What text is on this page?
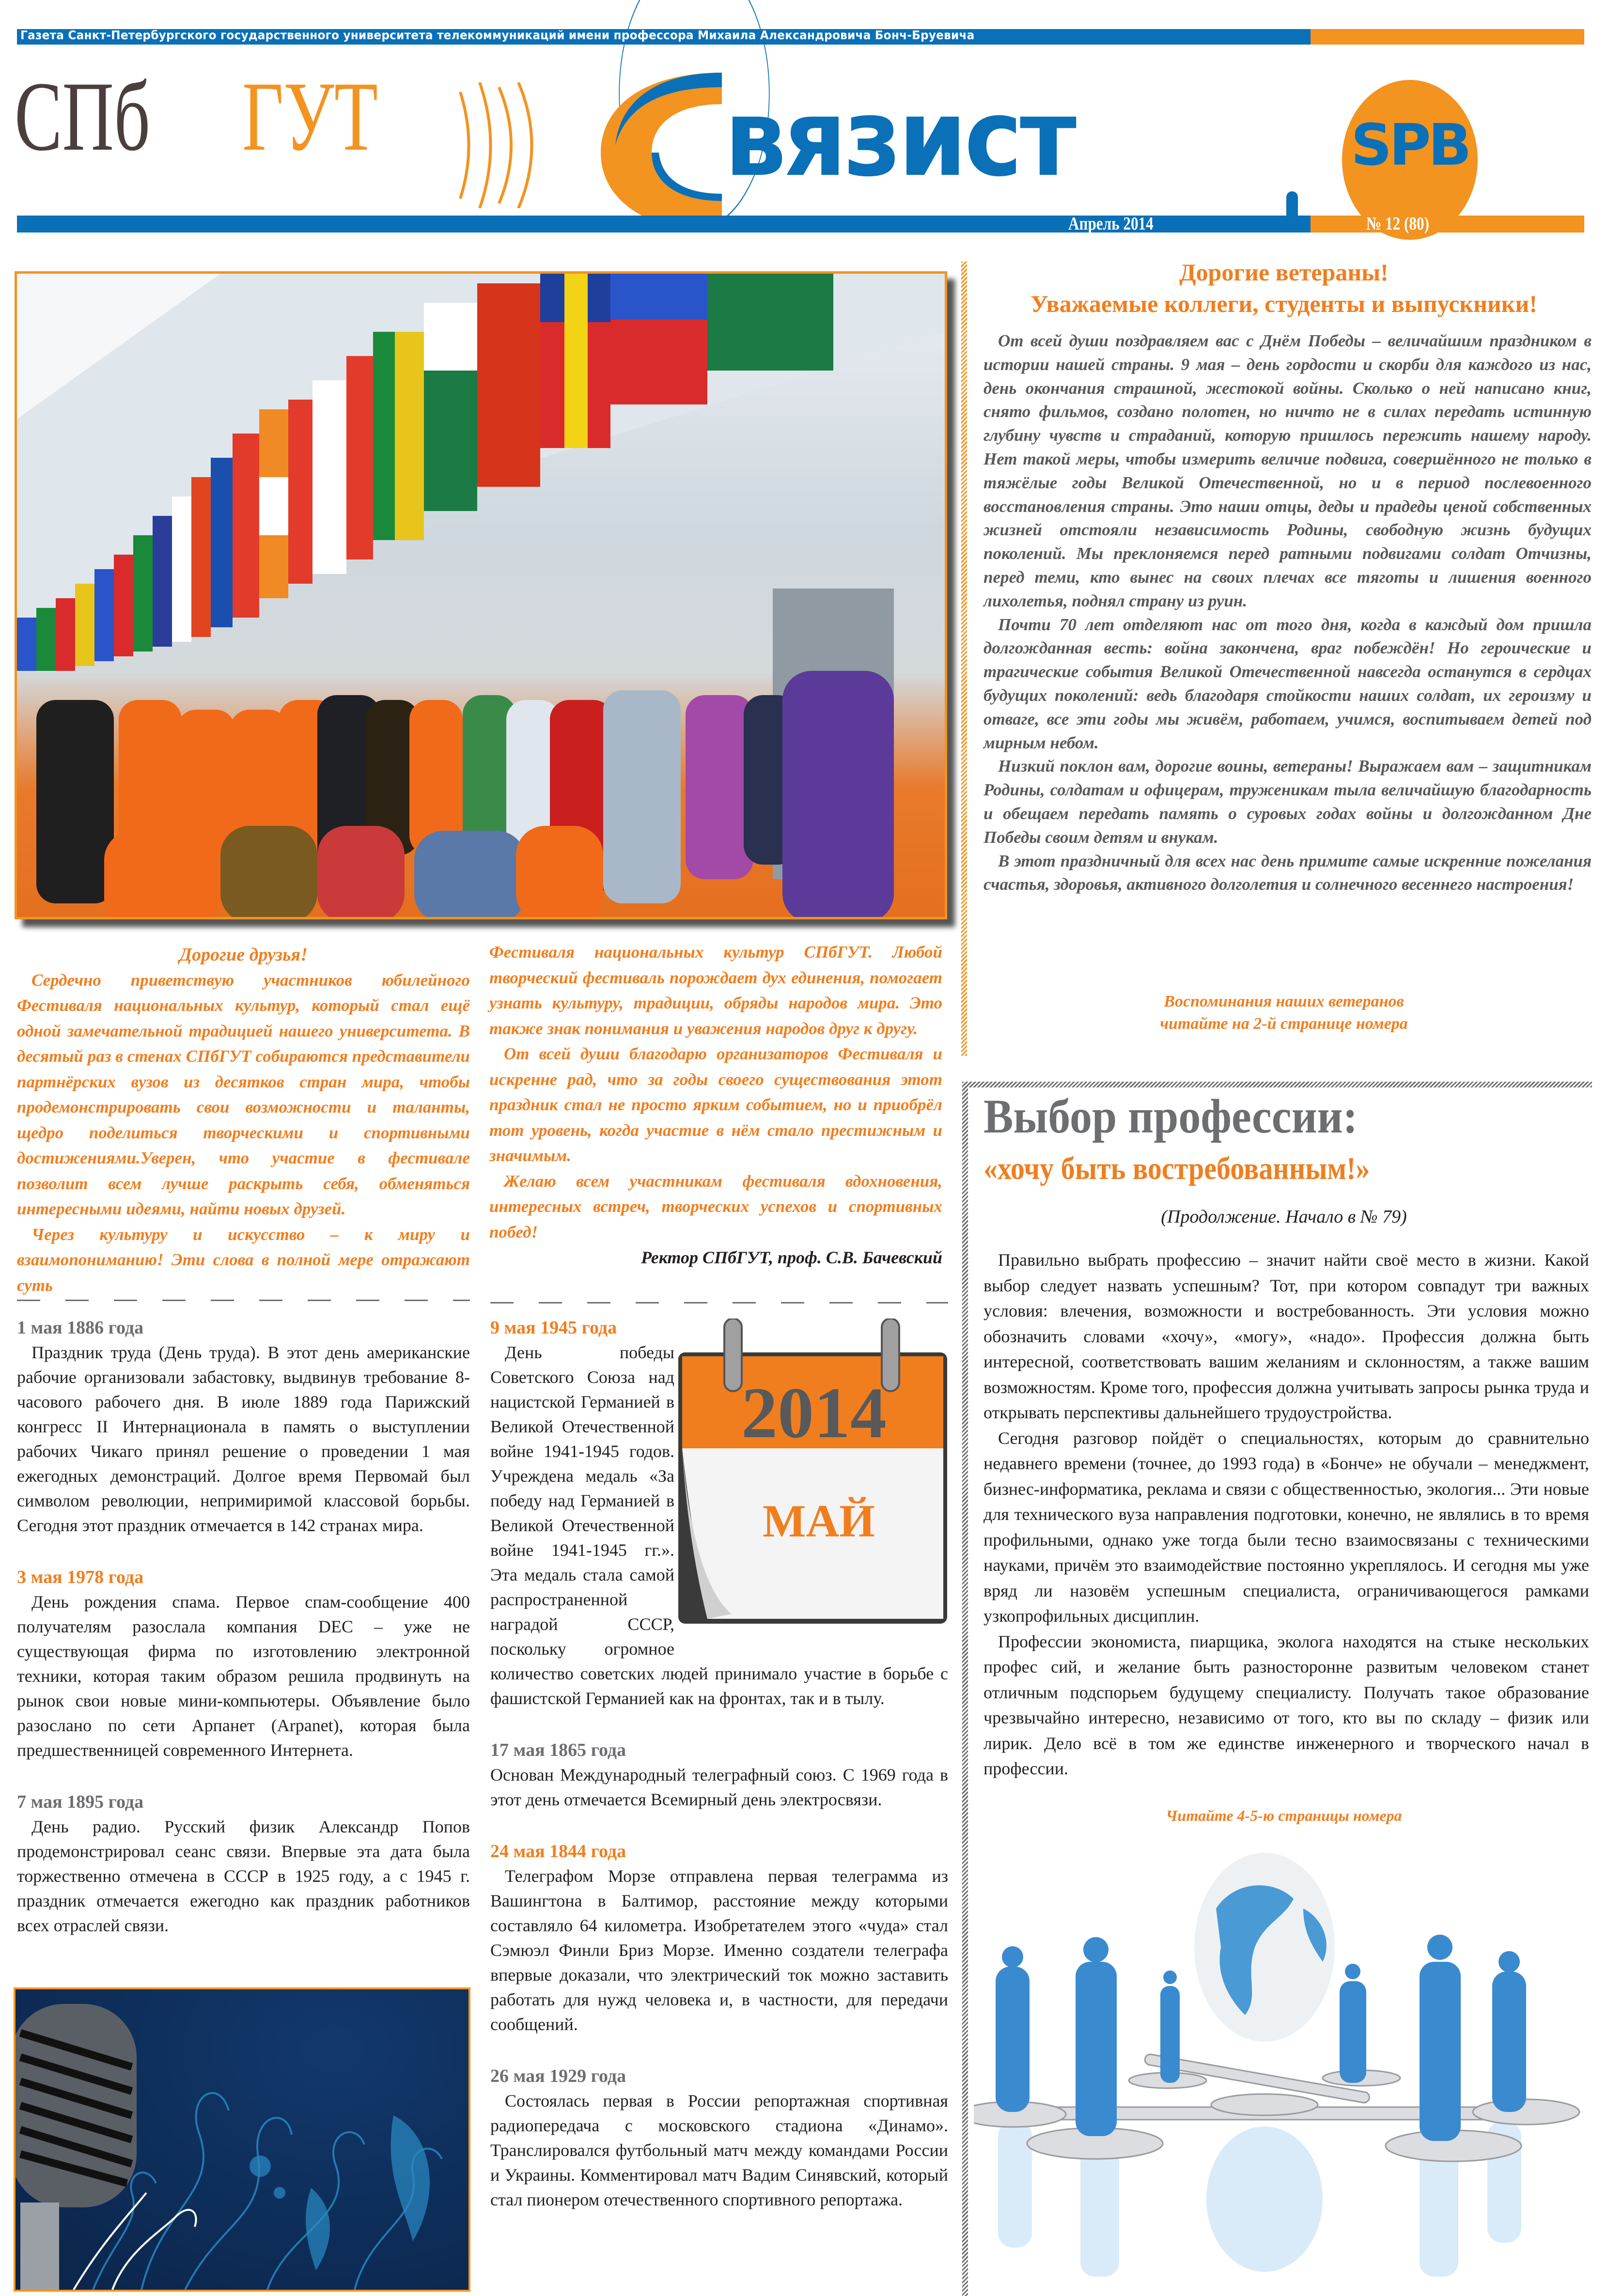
Газета Санкт-Петербургского государственного университета телекоммуникаций имени профессора Михаила Александровича Бонч-Бруевича
СПб ГУТ
С вязист	SPB
Апрель 2014	№ 12 (80)
Дорогие ветераны!
Уважаемые коллеги, студенты и выпускники!

От всей души поздравляем вас с Днём Победы – величайшим праздником в истории нашей страны. 9 мая – день гордости и скорби для каждого из нас, день окончания страшной, жестокой войны. Сколько о ней написано книг, снято фильмов, создано полотен, но ничто не в силах передать истинную глубину чувств и страданий, которую пришлось пережить нашему народу. Нет такой меры, чтобы измерить величие подвига, совершённого не только в тяжёлые годы Великой Отечественной, но и в период послевоенного восстановления страны. Это наши отцы, деды и прадеды ценой собственных жизней отстояли независимость Родины, свободную жизнь будущих поколений. Мы преклоняемся перед ратными подвигами солдат Отчизны, перед теми, кто вынес на своих плечах все тяготы и лишения военного лихолетья, поднял страну из руин.

Почти 70 лет отделяют нас от того дня, когда в каждый дом пришла долгожданная весть: война закончена, враг побеждён! Но героические и трагические события Великой Отечественной навсегда останутся в сердцах будущих поколений: ведь благодаря стойкости наших солдат, их героизму и отваге, все эти годы мы живём, работаем, учимся, воспитываем детей под мирным небом.

Низкий поклон вам, дорогие воины, ветераны! Выражаем вам – защитникам Родины, солдатам и офицерам, труженикам тыла величайшую благодарность и обещаем передать память о суровых годах войны и долгожданном Дне Победы своим детям и внукам.

В этот праздничный для всех нас день примите самые искренние пожелания счастья, здоровья, активного долголетия и солнечного весеннего настроения!

Воспоминания наших ветеранов
читайте на 2-й странице номера
Дорогие друзья!

Сердечно приветствую участников юбилейного Фестиваля национальных культур, который стал ещё одной замечательной традицией нашего университета. В десятый раз в стенах СПбГУТ собираются представители партнёрских вузов из десятков стран мира, чтобы продемонстрировать свои возможности и таланты, щедро поделиться творческими и спортивными достижениями.Уверен, что участие в фестивале позволит всем лучше раскрыть себя, обменяться интересными идеями, найти новых друзей.

Через культуру и искусство – к миру и взаимопониманию! Эти слова в полной мере отражают суть

Фестиваля национальных культур СПбГУТ. Любой творческий фестиваль порождает дух единения, помогает узнать культуру, традиции, обряды народов мира. Это также знак понимания и уважения народов друг к другу.

От всей души благодарю организаторов Фестиваля и искренне рад, что за годы своего существования этот праздник стал не просто ярким событием, но и приобрёл тот уровень, когда участие в нём стало престижным и значимым.

Желаю всем участникам фестиваля вдохновения, интересных встреч, творческих успехов и спортивных побед!

Ректор СПбГУТ, проф. С.В. Бачевский
1 мая 1886 года

Праздник труда (День труда). В этот день американские рабочие организовали забастовку, выдвинув требование 8-часового рабочего дня. В июле 1889 года Парижский конгресс II Интернационала в память о выступлении рабочих Чикаго принял решение о проведении 1 мая ежегодных демонстраций. Долгое время Первомай был символом революции, непримиримой классовой борьбы. Сегодня этот праздник отмечается в 142 странах мира.

3 мая 1978 года

День рождения спама. Первое спам-сообщение 400 получателям разослала компания DEC – уже не существующая фирма по изготовлению электронной техники, которая таким образом решила продвинуть на рынок свои новые мини-компьютеры. Объявление было разослано по сети Арпанет (Arpanet), которая была предшественницей современного Интернета.

7 мая 1895 года

День радио. Русский физик Александр Попов продемонстрировал сеанс связи. Впервые эта дата была торжественно отмечена в СССР в 1925 году, а с 1945 г. праздник отмечается ежегодно как праздник работников всех отраслей связи.

9 мая 1945 года

День победы Советского Союза над нацистской Германией в Великой Отечественной войне 1941-1945 годов. Учреждена медаль «За победу над Германией в Великой Отечественной войне 1941-1945 гг.». Эта медаль стала самой распространенной наградой СССР, поскольку огромное количество советских людей принимало участие в борьбе с фашистской Германией как на фронтах, так и в тылу.

17 мая 1865 года

Основан Международный телеграфный союз. С 1969 года в этот день отмечается Всемирный день электросвязи.

24 мая 1844 года

Телеграфом Морзе отправлена первая телеграмма из Вашингтона в Балтимор, расстояние между которыми составляло 64 километра. Изобретателем этого «чуда» стал Сэмюэл Финли Бриз Морзе. Именно создатели телеграфа впервые доказали, что электрический ток можно заставить работать для нужд человека и, в частности, для передачи сообщений.

26 мая 1929 года

Состоялась первая в России репортажная спортивная радиопередача с московского стадиона «Динамо». Транслировался футбольный матч между командами России и Украины. Комментировал матч Вадим Синявский, который стал пионером отечественного спортивного репортажа.

2014
МАЙ
Выбор профессии:
«хочу быть востребованным!»
(Продолжение. Начало в № 79)

Правильно выбрать профессию – значит найти своё место в жизни. Какой выбор следует назвать успешным? Тот, при котором совпадут три важных условия: влечения, возможности и востребованность. Эти условия можно обозначить словами «хочу», «могу», «надо». Профессия должна быть интересной, соответствовать вашим желаниям и склонностям, а также вашим возможностям. Кроме того, профессия должна учитывать запросы рынка труда и открывать перспективы дальнейшего трудоустройства.

Сегодня разговор пойдёт о специальностях, которым до сравнительно недавнего времени (точнее, до 1993 года) в «Бонче» не обучали – менеджмент, бизнес-информатика, реклама и связи с общественностью, экология... Эти новые для технического вуза направления подготовки, конечно, не являлись в то время профильными, однако уже тогда были тесно взаимосвязаны с техническими науками, причём это взаимодействие постоянно укреплялось. И сегодня мы уже вряд ли назовём успешным специалиста, ограничивающегося рамками узкопрофильных дисциплин.

Профессии экономиста, пиарщика, эколога находятся на стыке нескольких профес сий, и желание быть разносторонне развитым человеком станет отличным подспорьем будущему специалисту. Получать такое образование чрезвычайно интересно, независимо от того, кто вы по складу – физик или лирик. Дело всё в том же единстве инженерного и творческого начал в профессии.

Читайте 4-5-ю страницы номера
